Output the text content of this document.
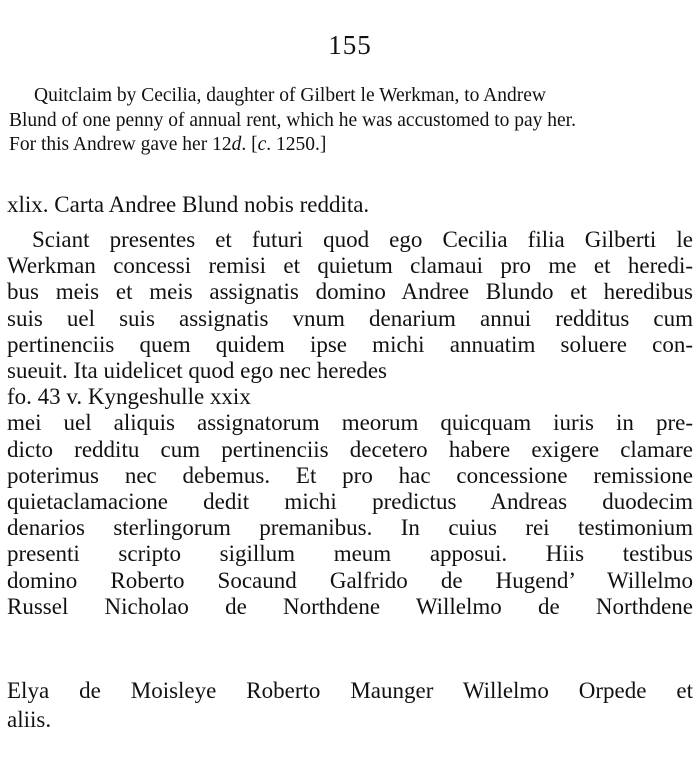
155
Quitclaim by Cecilia, daughter of Gilbert le Werkman, to Andrew
Blund of one penny of annual rent, which he was accustomed to pay her.
For this Andrew gave her 12d. [c. 1250.]
xlix. Carta Andree Blund nobis reddita.
Sciant presentes et futuri quod ego Cecilia filia Gilberti le
Werkman concessi remisi et quietum clamaui pro me et heredi-
bus meis et meis assignatis domino Andree Blundo et heredibus
suis uel suis assignatis vnum denarium annui redditus cum
pertinenciis quem quidem ipse michi annuatim soluere con-
sueuit. Ita uidelicet quod ego nec heredes
fo. 43 v. Kyngeshulle xxix
mei uel aliquis assignatorum meorum quicquam iuris in pre-
dicto redditu cum pertinenciis decetero habere exigere clamare
poterimus nec debemus. Et pro hac concessione remissione
quietaclamacione dedit michi predictus Andreas duodecim
denarios sterlingorum premanibus. In cuius rei testimonium
presenti scripto sigillum meum apposui. Hiis testibus
domino Roberto Socaund Galfrido de Hugend’ Willelmo
Russel Nicholao de Northdene Willelmo de Northdene
Elya de Moisleye Roberto Maunger Willelmo Orpede et
aliis.
